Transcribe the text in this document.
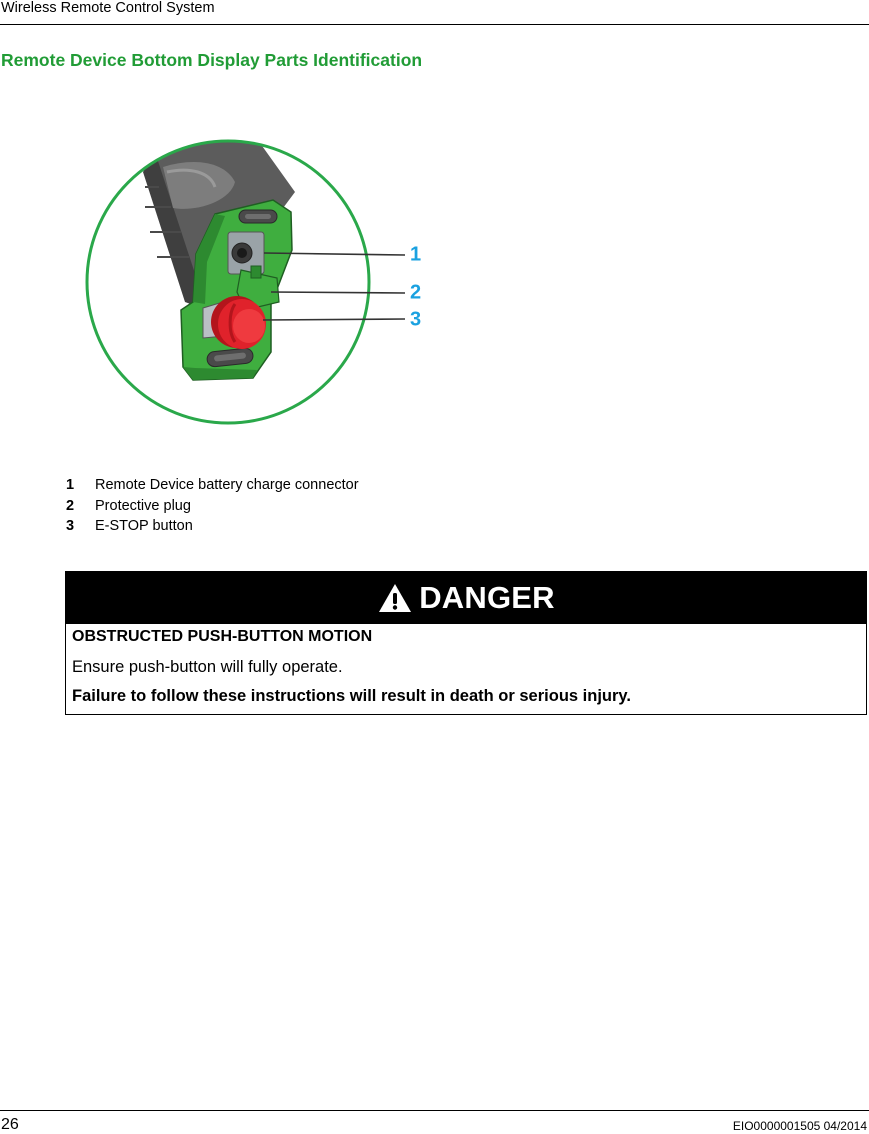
Wireless Remote Control System
Remote Device Bottom Display Parts Identification
1
2
3
1	Remote Device battery charge connector
2	Protective plug
3	E-STOP button
DANGER
OBSTRUCTED PUSH-BUTTON MOTION
Ensure push-button will fully operate.
Failure to follow these instructions will result in death or serious injury.
26	EIO0000001505 04/2014
